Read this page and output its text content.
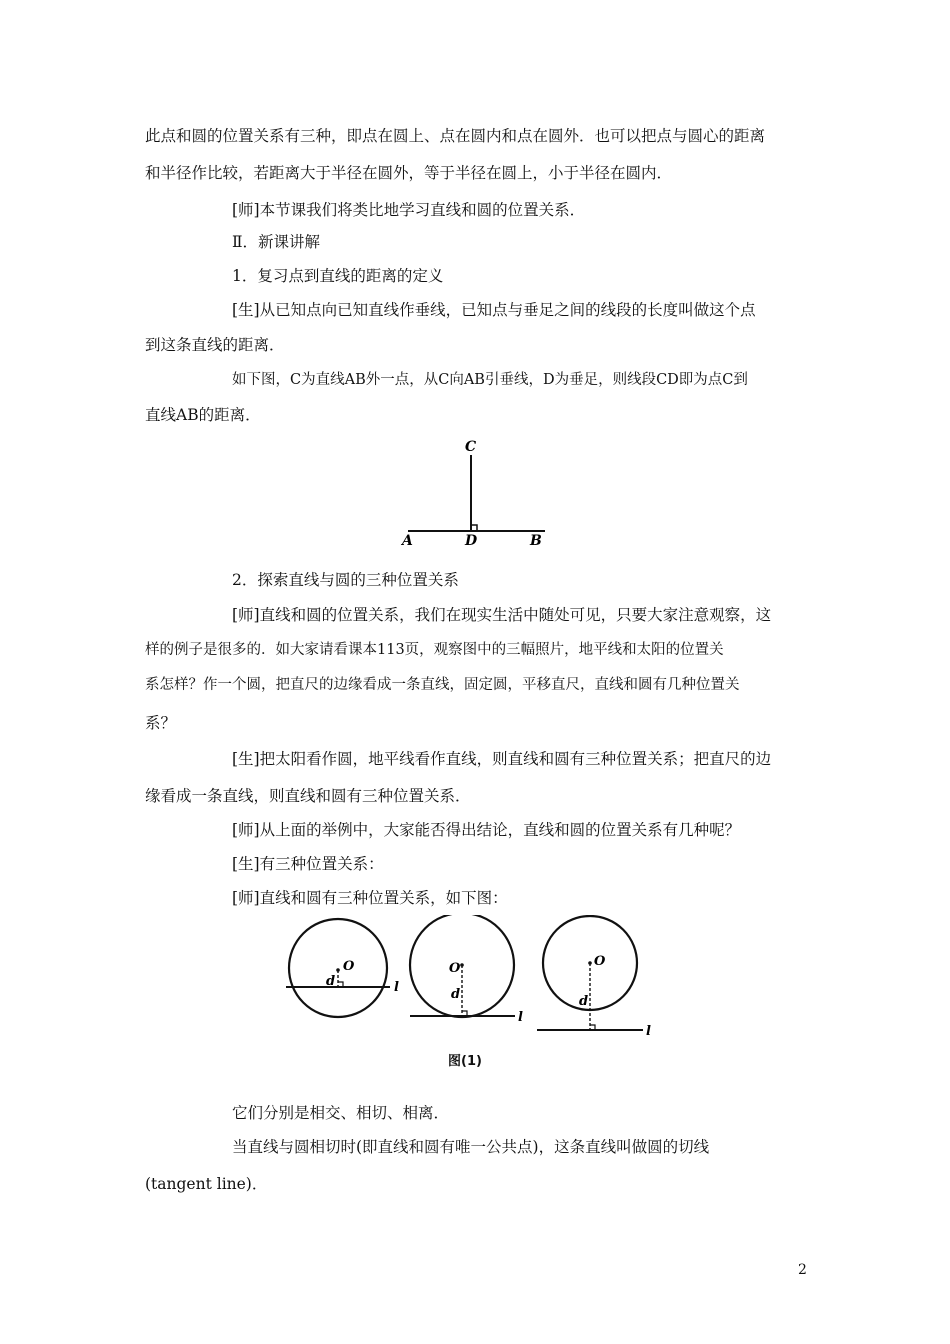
此点和圆的位置关系有三种，即点在圆上、点在圆内和点在圆外．也可以把点与圆心的距离
和半径作比较，若距离大于半径在圆外，等于半径在圆上，小于半径在圆内．
[师]本节课我们将类比地学习直线和圆的位置关系．
Ⅱ．新课讲解
1．复习点到直线的距离的定义
[生]从已知点向已知直线作垂线，已知点与垂足之间的线段的长度叫做这个点
到这条直线的距离．
如下图，C为直线AB外一点，从C向AB引垂线，D为垂足，则线段CD即为点C到
直线AB的距离．
C
A	D	B
2．探索直线与圆的三种位置关系
[师]直线和圆的位置关系，我们在现实生活中随处可见，只要大家注意观察，这
样的例子是很多的．如大家请看课本113页，观察图中的三幅照片，地平线和太阳的位置关
系怎样？作一个圆，把直尺的边缘看成一条直线，固定圆，平移直尺，直线和圆有几种位置关
系？
[生]把太阳看作圆，地平线看作直线，则直线和圆有三种位置关系；把直尺的边
缘看成一条直线，则直线和圆有三种位置关系．
[师]从上面的举例中，大家能否得出结论，直线和圆的位置关系有几种呢？
[生]有三种位置关系：
[师]直线和圆有三种位置关系，如下图：
O
d	l
O
d
l
O
d
l
图(1)
它们分别是相交、相切、相离．
当直线与圆相切时(即直线和圆有唯一公共点)，这条直线叫做圆的切线
(tangent line)．
2
